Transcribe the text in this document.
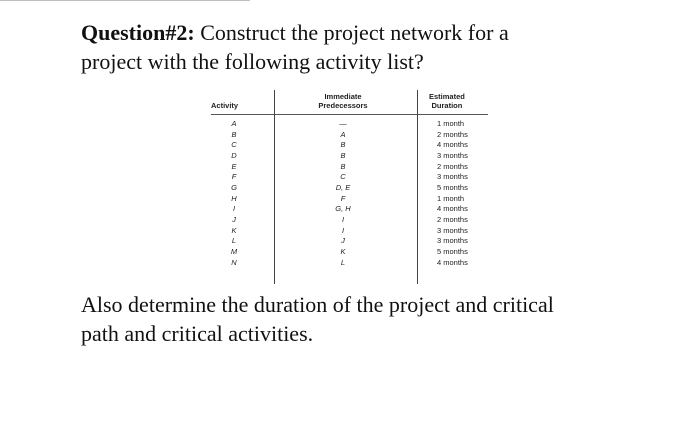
Question#2: Construct the project network for a
project with the following activity list?
Activity
Immediate
Predecessors
Estimated
Duration
A
B
C
D
E
F
G
H
I
J
K
L
M
N
—
A
B
B
B
C
D, E
F
G, H
I
I
J
K
L
1 month
2 months
4 months
3 months
2 months
3 months
5 months
1 month
4 months
2 months
3 months
3 months
5 months
4 months
Also determine the duration of the project and critical
path and critical activities.
